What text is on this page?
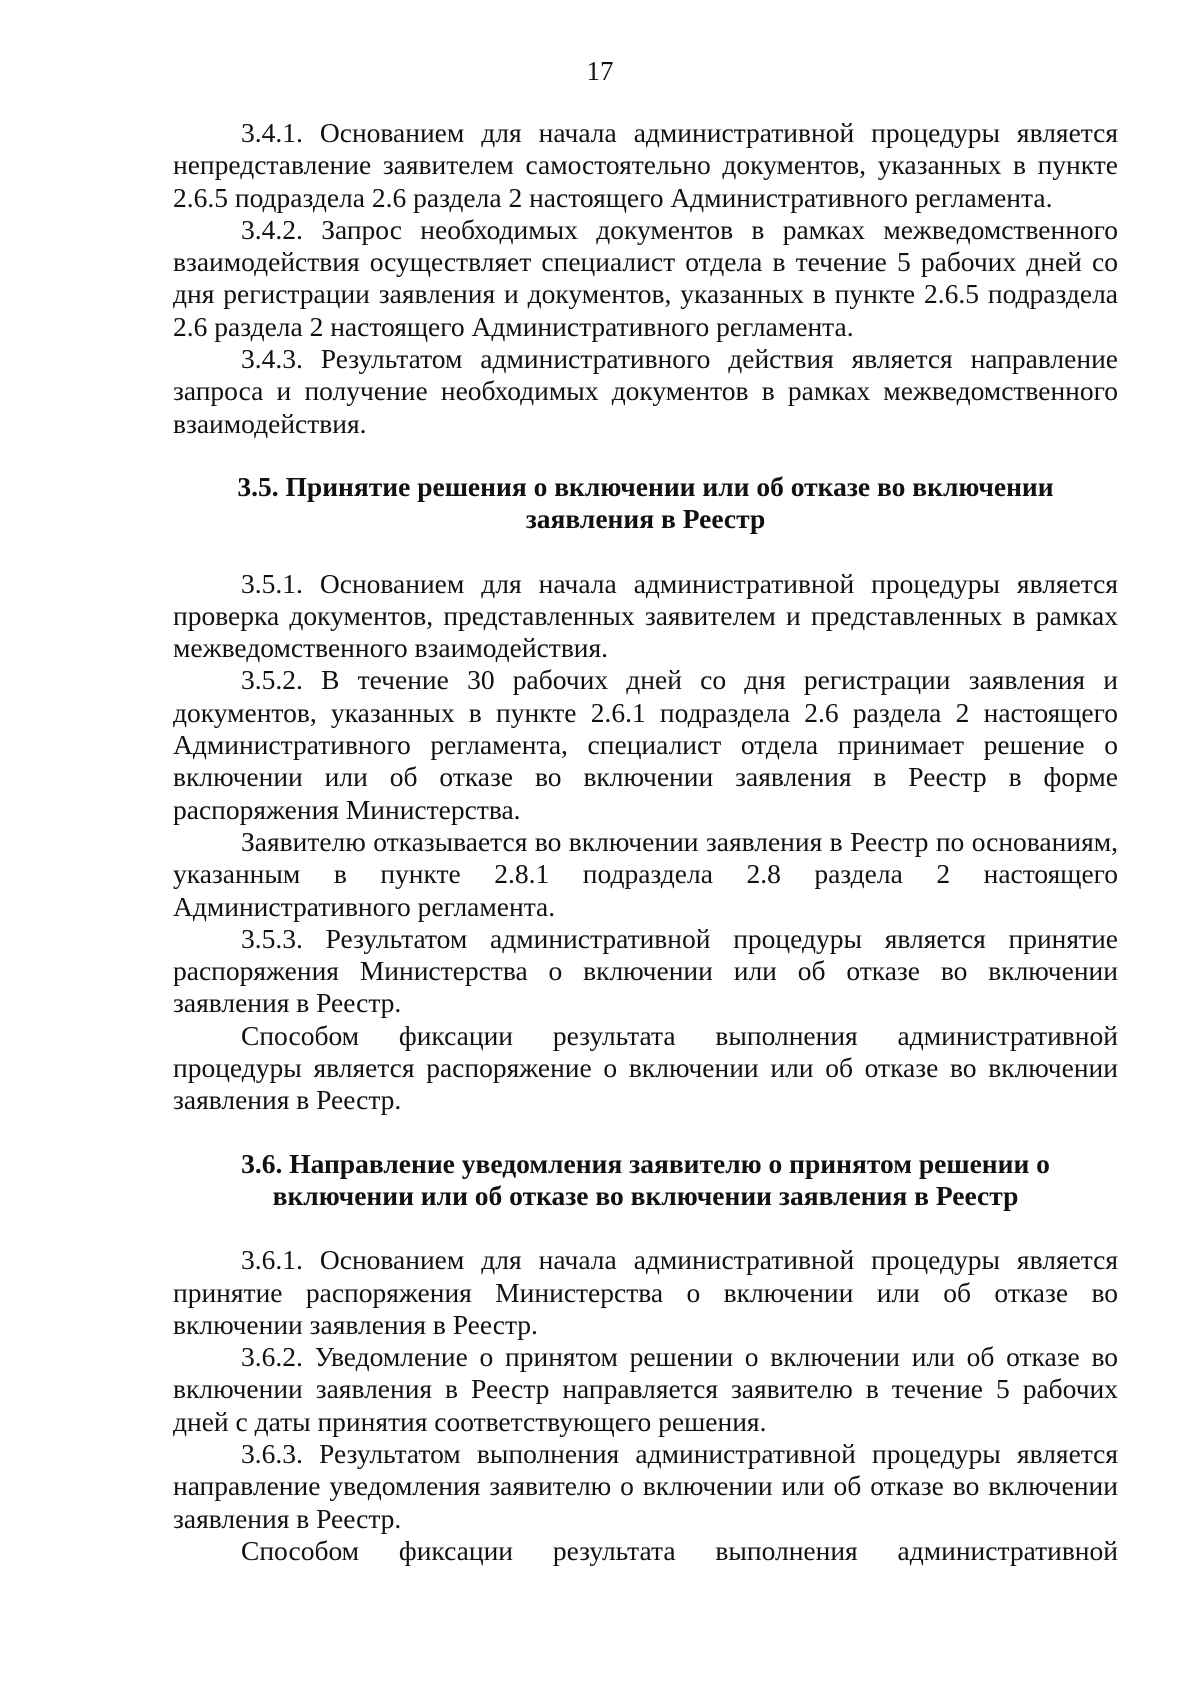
17

3.4.1. Основанием для начала административной процедуры является непредставление заявителем самостоятельно документов, указанных в пункте 2.6.5 подраздела 2.6 раздела 2 настоящего Административного регламента.

3.4.2. Запрос необходимых документов в рамках межведомственного взаимодействия осуществляет специалист отдела в течение 5 рабочих дней со дня регистрации заявления и документов, указанных в пункте 2.6.5 подраздела 2.6 раздела 2 настоящего Административного регламента.

3.4.3. Результатом административного действия является направление запроса и получение необходимых документов в рамках межведомственного взаимодействия.

3.5. Принятие решения о включении или об отказе во включении
заявления в Реестр

3.5.1. Основанием для начала административной процедуры является проверка документов, представленных заявителем и представленных в рамках межведомственного взаимодействия.

3.5.2. В течение 30 рабочих дней со дня регистрации заявления и документов, указанных в пункте 2.6.1 подраздела 2.6 раздела 2 настоящего Административного регламента, специалист отдела принимает решение о включении или об отказе во включении заявления в Реестр в форме распоряжения Министерства.

Заявителю отказывается во включении заявления в Реестр по основаниям, указанным в пункте 2.8.1 подраздела 2.8 раздела 2 настоящего Административного регламента.

3.5.3. Результатом административной процедуры является принятие распоряжения Министерства о включении или об отказе во включении заявления в Реестр.

Способом фиксации результата выполнения административной процедуры является распоряжение о включении или об отказе во включении заявления в Реестр.

3.6. Направление уведомления заявителю о принятом решении о
включении или об отказе во включении заявления в Реестр

3.6.1. Основанием для начала административной процедуры является принятие распоряжения Министерства о включении или об отказе во включении заявления в Реестр.

3.6.2. Уведомление о принятом решении о включении или об отказе во включении заявления в Реестр направляется заявителю в течение 5 рабочих дней с даты принятия соответствующего решения.

3.6.3. Результатом выполнения административной процедуры является направление уведомления заявителю о включении или об отказе во включении заявления в Реестр.

Способом фиксации результата выполнения административной
